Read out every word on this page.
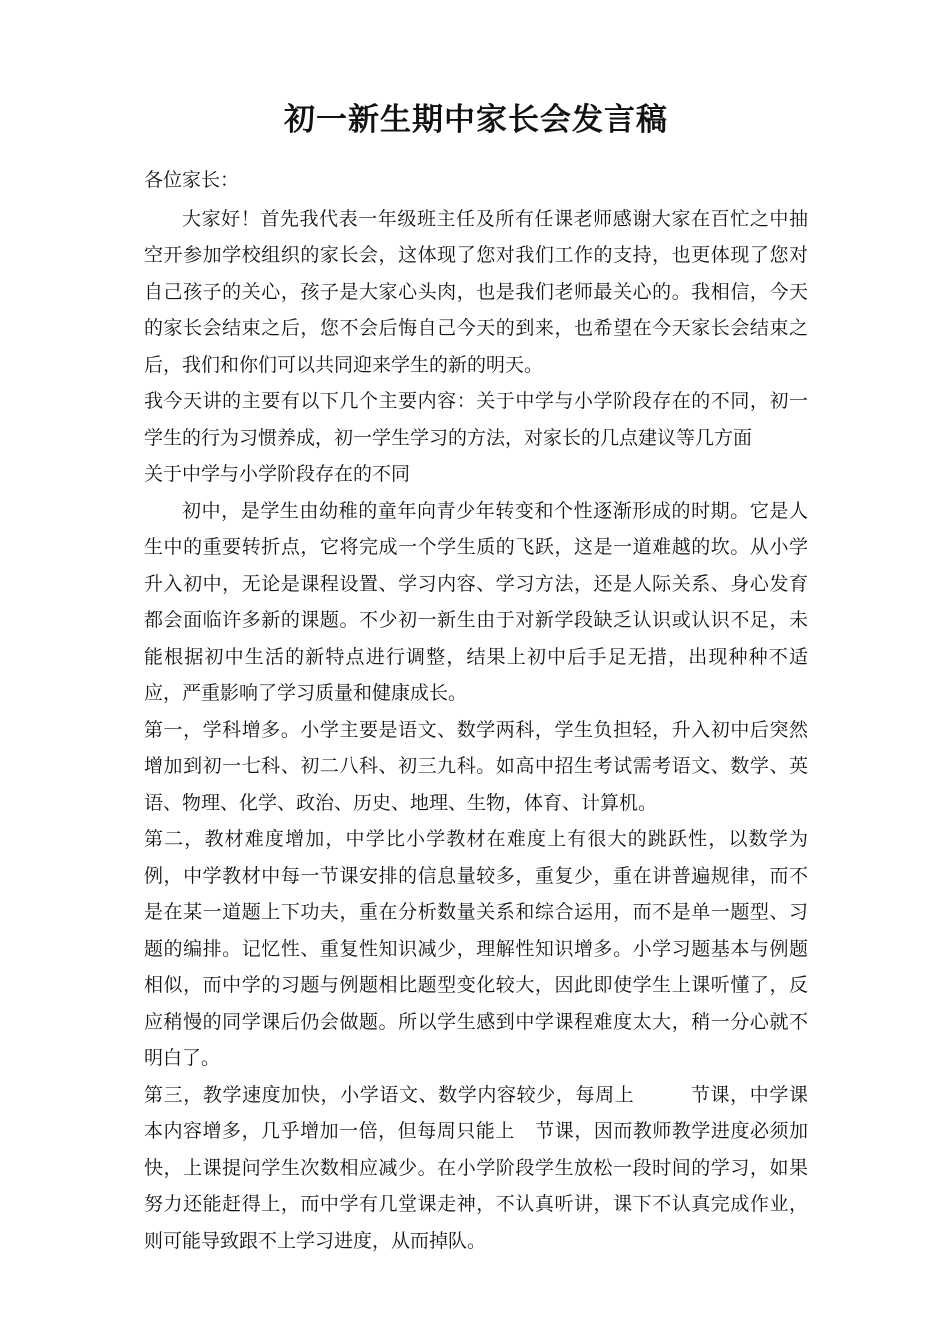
初一新生期中家长会发言稿

各位家长：

大家好！首先我代表一年级班主任及所有任课老师感谢大家在百忙之中抽空开参加学校组织的家长会，这体现了您对我们工作的支持，也更体现了您对自己孩子的关心，孩子是大家心头肉，也是我们老师最关心的。我相信，今天的家长会结束之后，您不会后悔自己今天的到来，也希望在今天家长会结束之后，我们和你们可以共同迎来学生的新的明天。

我今天讲的主要有以下几个主要内容：关于中学与小学阶段存在的不同，初一学生的行为习惯养成，初一学生学习的方法，对家长的几点建议等几方面

关于中学与小学阶段存在的不同

初中，是学生由幼稚的童年向青少年转变和个性逐渐形成的时期。它是人生中的重要转折点，它将完成一个学生质的飞跃，这是一道难越的坎。从小学升入初中，无论是课程设置、学习内容、学习方法，还是人际关系、身心发育都会面临许多新的课题。不少初一新生由于对新学段缺乏认识或认识不足，未能根据初中生活的新特点进行调整，结果上初中后手足无措，出现种种不适应，严重影响了学习质量和健康成长。

第一，学科增多。小学主要是语文、数学两科，学生负担轻，升入初中后突然增加到初一七科、初二八科、初三九科。如高中招生考试需考语文、数学、英语、物理、化学、政治、历史、地理、生物，体育、计算机。

第二，教材难度增加，中学比小学教材在难度上有很大的跳跃性，以数学为例，中学教材中每一节课安排的信息量较多，重复少，重在讲普遍规律，而不是在某一道题上下功夫，重在分析数量关系和综合运用，而不是单一题型、习题的编排。记忆性、重复性知识减少，理解性知识增多。小学习题基本与例题相似，而中学的习题与例题相比题型变化较大，因此即使学生上课听懂了，反应稍慢的同学课后仍会做题。所以学生感到中学课程难度太大，稍一分心就不明白了。

第三，教学速度加快，小学语文、数学内容较少，每周上	节课，中学课本内容增多，几乎增加一倍，但每周只能上 节课，因而教师教学进度必须加快，上课提问学生次数相应减少。在小学阶段学生放松一段时间的学习，如果努力还能赶得上，而中学有几堂课走神，不认真听讲，课下不认真完成作业，则可能导致跟不上学习进度，从而掉队。
